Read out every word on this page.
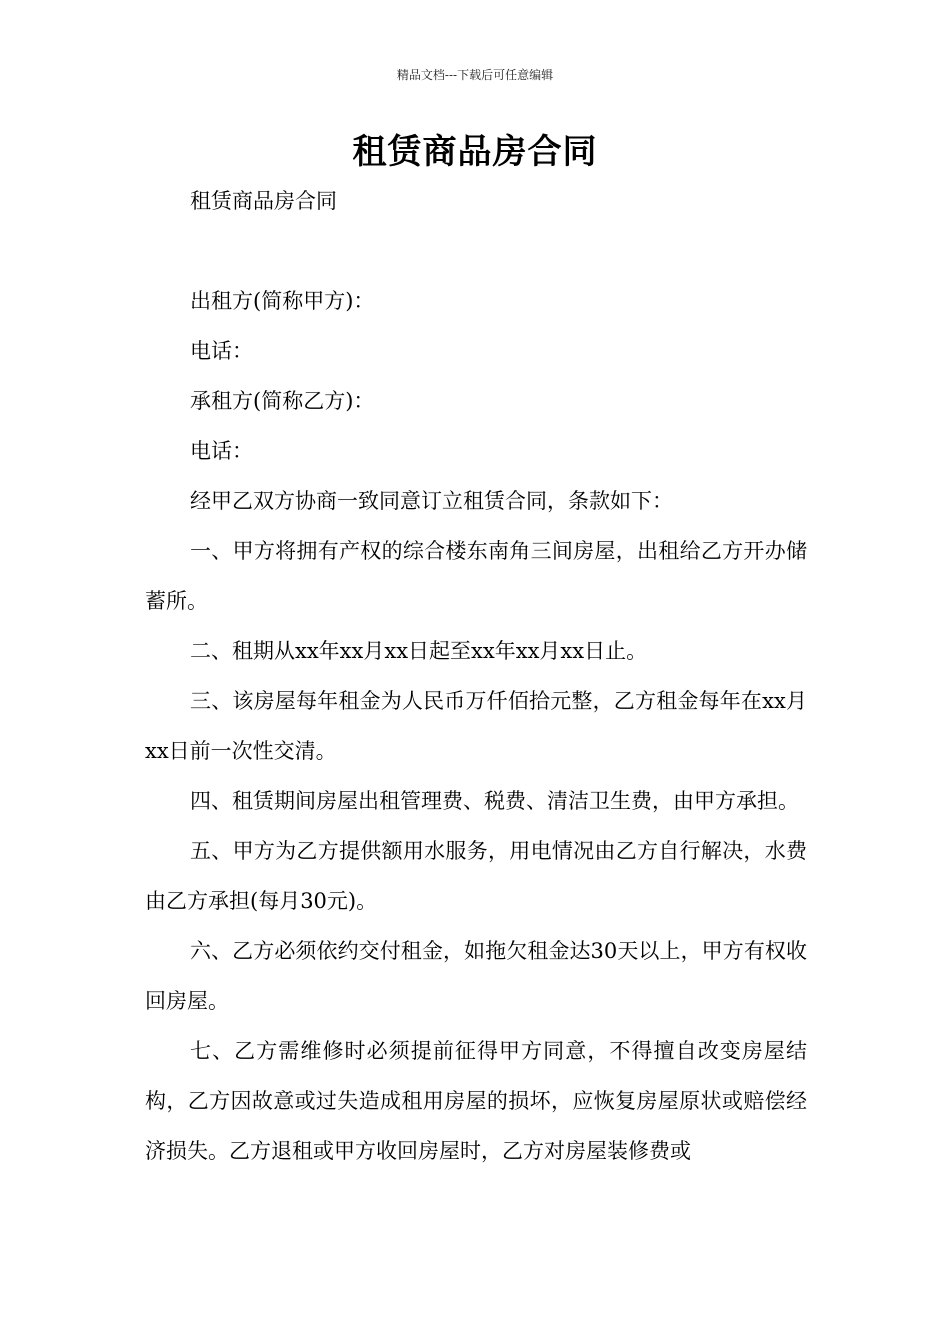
精品文档---下载后可任意编辑
租赁商品房合同

租赁商品房合同

出租方(简称甲方)：

电话：

承租方(简称乙方)：

电话：

经甲乙双方协商一致同意订立租赁合同，条款如下：

一、甲方将拥有产权的综合楼东南角三间房屋，出租给乙方开办储蓄所。

二、租期从xx年xx月xx日起至xx年xx月xx日止。

三、该房屋每年租金为人民币万仟佰拾元整，乙方租金每年在xx月xx日前一次性交清。

四、租赁期间房屋出租管理费、税费、清洁卫生费，由甲方承担。

五、甲方为乙方提供额用水服务，用电情况由乙方自行解决，水费由乙方承担(每月30元)。

六、乙方必须依约交付租金，如拖欠租金达30天以上，甲方有权收回房屋。

七、乙方需维修时必须提前征得甲方同意，不得擅自改变房屋结构，乙方因故意或过失造成租用房屋的损坏，应恢复房屋原状或赔偿经济损失。乙方退租或甲方收回房屋时，乙方对房屋装修费或
